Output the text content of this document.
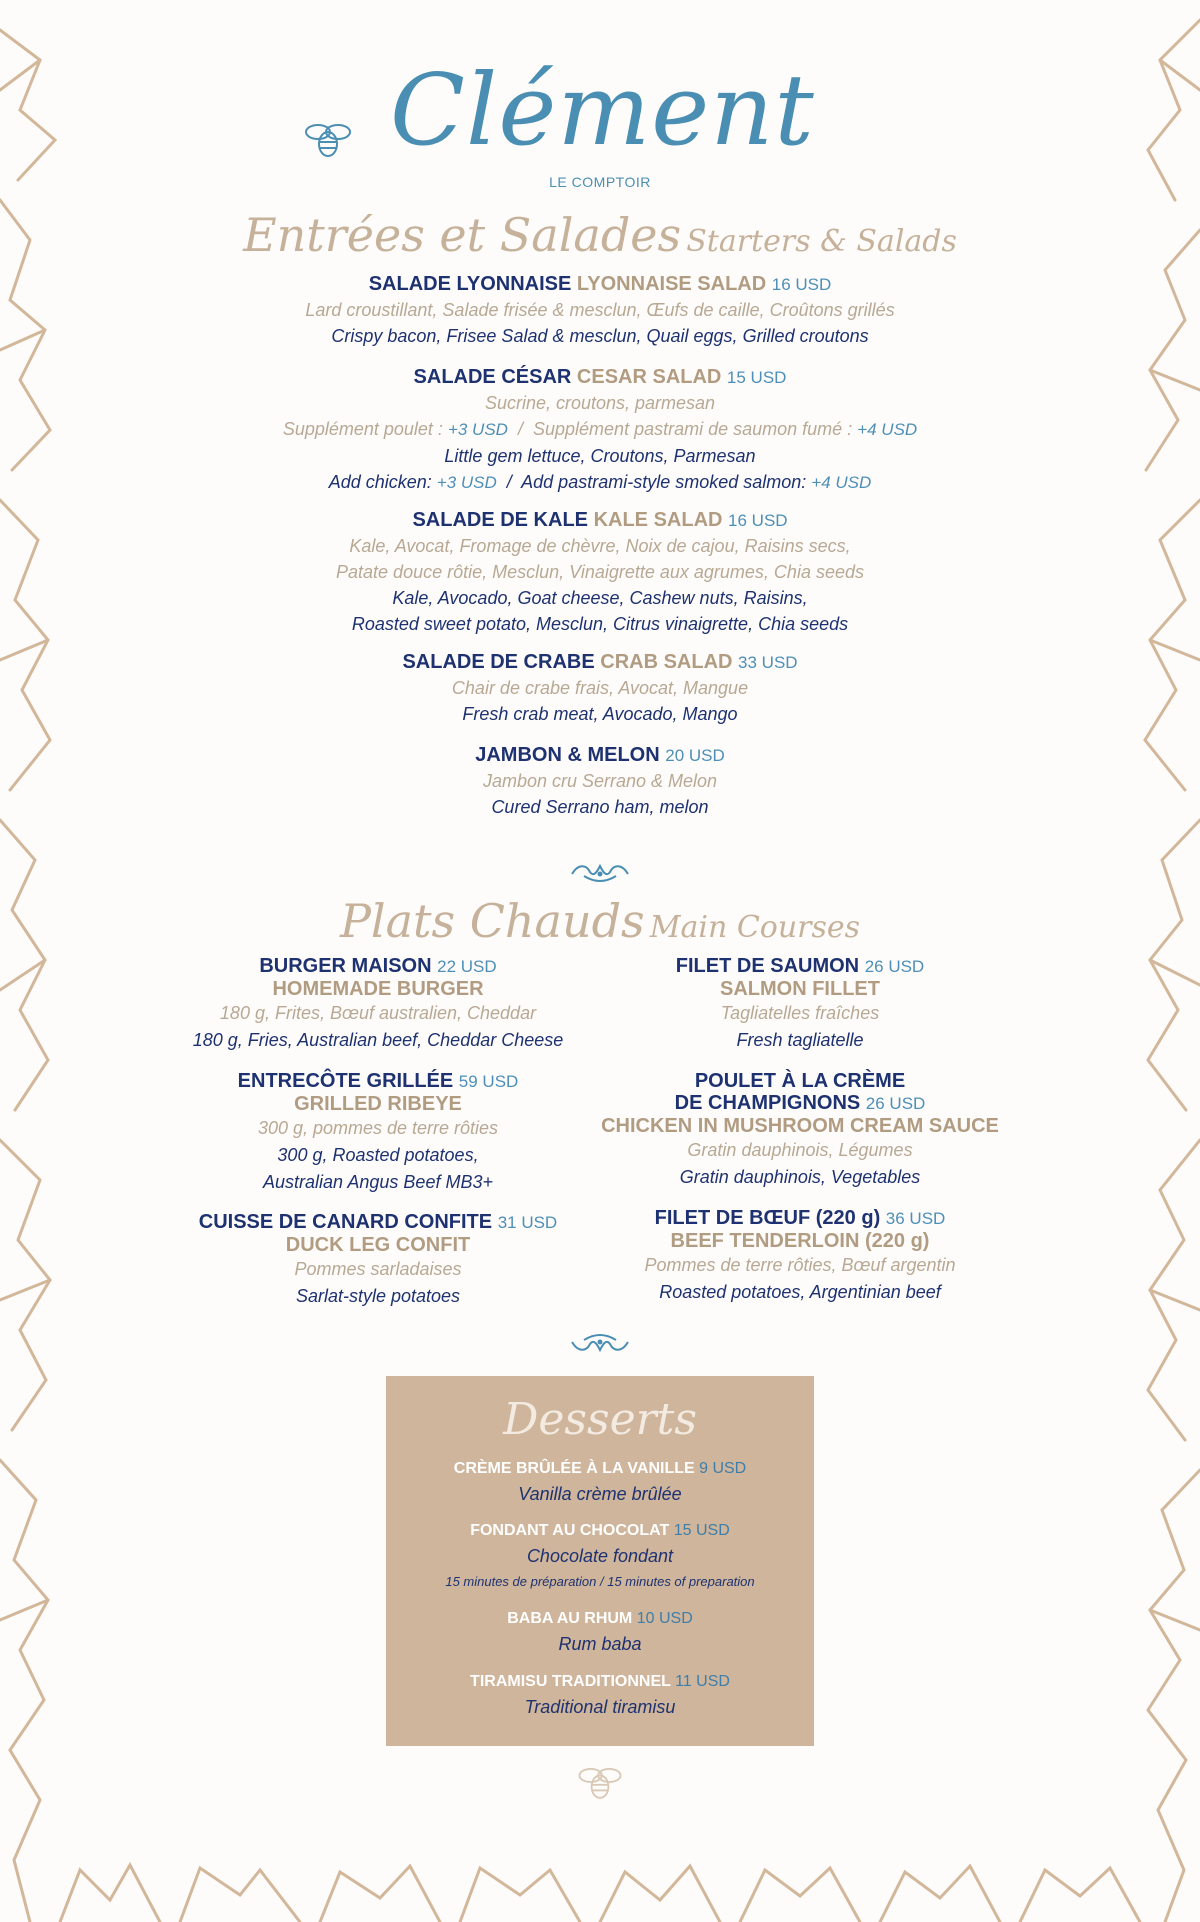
Clément
LE COMPTOIR
Entrées et Salades Starters & Salads
SALADE LYONNAISE LYONNAISE SALAD 16 USD
Lard croustillant, Salade frisée & mesclun, Œufs de caille, Croûtons grillés
Crispy bacon, Frisee Salad & mesclun, Quail eggs, Grilled croutons
SALADE CÉSAR CESAR SALAD 15 USD
Sucrine, croutons, parmesan
Supplément poulet : +3 USD / Supplément pastrami de saumon fumé : +4 USD
Little gem lettuce, Croutons, Parmesan
Add chicken: +3 USD / Add pastrami-style smoked salmon: +4 USD
SALADE DE KALE KALE SALAD 16 USD
Kale, Avocat, Fromage de chèvre, Noix de cajou, Raisins secs,
Patate douce rôtie, Mesclun, Vinaigrette aux agrumes, Chia seeds
Kale, Avocado, Goat cheese, Cashew nuts, Raisins,
Roasted sweet potato, Mesclun, Citrus vinaigrette, Chia seeds
SALADE DE CRABE CRAB SALAD 33 USD
Chair de crabe frais, Avocat, Mangue
Fresh crab meat, Avocado, Mango
JAMBON & MELON 20 USD
Jambon cru Serrano & Melon
Cured Serrano ham, melon
Plats Chauds Main Courses
BURGER MAISON 22 USD
HOMEMADE BURGER
180 g, Frites, Bœuf australien, Cheddar
180 g, Fries, Australian beef, Cheddar Cheese
ENTRECÔTE GRILLÉE 59 USD
GRILLED RIBEYE
300 g, pommes de terre rôties
300 g, Roasted potatoes,
Australian Angus Beef MB3+
CUISSE DE CANARD CONFITE 31 USD
DUCK LEG CONFIT
Pommes sarladaises
Sarlat-style potatoes
FILET DE SAUMON 26 USD
SALMON FILLET
Tagliatelles fraîches
Fresh tagliatelle
POULET À LA CRÈME
DE CHAMPIGNONS 26 USD
CHICKEN IN MUSHROOM CREAM SAUCE
Gratin dauphinois, Légumes
Gratin dauphinois, Vegetables
FILET DE BŒUF (220 g) 36 USD
BEEF TENDERLOIN (220 g)
Pommes de terre rôties, Bœuf argentin
Roasted potatoes, Argentinian beef
Desserts
CRÈME BRÛLÉE À LA VANILLE 9 USD
Vanilla crème brûlée
FONDANT AU CHOCOLAT 15 USD
Chocolate fondant
15 minutes de préparation / 15 minutes of preparation
BABA AU RHUM 10 USD
Rum baba
TIRAMISU TRADITIONNEL 11 USD
Traditional tiramisu
